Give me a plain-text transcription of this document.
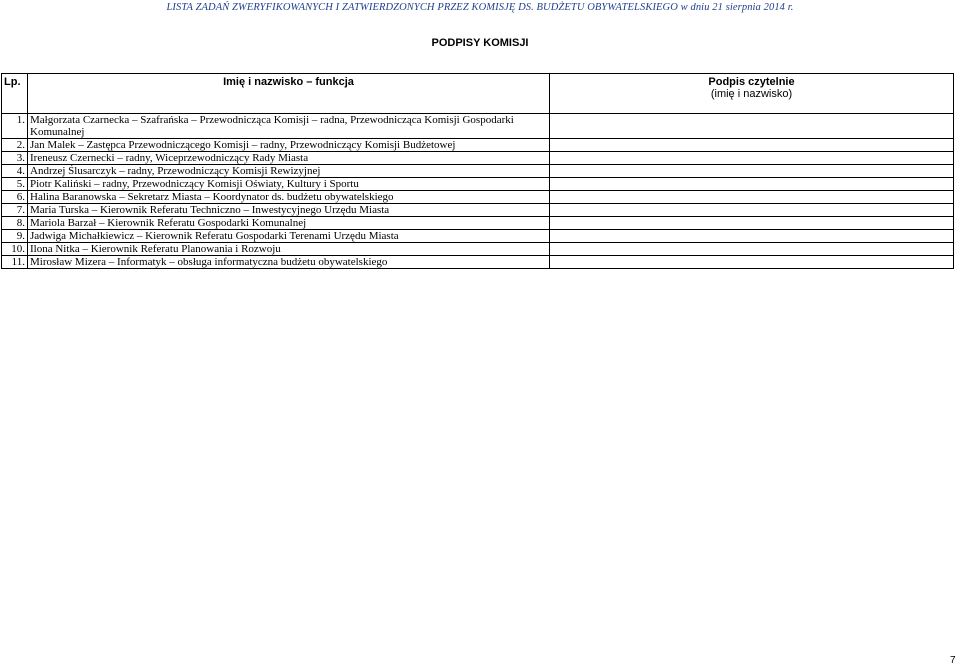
LISTA ZADAŃ ZWERYFIKOWANYCH I ZATWIERDZONYCH PRZEZ KOMISJĘ DS. BUDŻETU OBYWATELSKIEGO w dniu 21 sierpnia 2014 r.
PODPISY KOMISJI
Lp.	Imię i nazwisko – funkcja	Podpis czytelnie
(imię i nazwisko)

1.	Małgorzata Czarnecka – Szafrańska – Przewodnicząca Komisji – radna, Przewodnicząca Komisji Gospodarki Komunalnej	
2.	Jan Malek – Zastępca Przewodniczącego Komisji – radny, Przewodniczący Komisji Budżetowej	
3.	Ireneusz Czernecki – radny, Wiceprzewodniczący Rady Miasta	
4.	Andrzej Ślusarczyk – radny, Przewodniczący Komisji Rewizyjnej	
5.	Piotr Kaliński – radny, Przewodniczący Komisji Oświaty, Kultury i Sportu	
6.	Halina Baranowska – Sekretarz Miasta – Koordynator ds. budżetu obywatelskiego	
7.	Maria Turska – Kierownik Referatu Techniczno – Inwestycyjnego Urzędu Miasta	
8.	Mariola Barzał – Kierownik Referatu Gospodarki Komunalnej	
9.	Jadwiga Michałkiewicz – Kierownik Referatu Gospodarki Terenami Urzędu Miasta	
10.	Ilona Nitka – Kierownik Referatu Planowania i Rozwoju	
11.	Mirosław Mizera – Informatyk – obsługa informatyczna budżetu obywatelskiego	
7
